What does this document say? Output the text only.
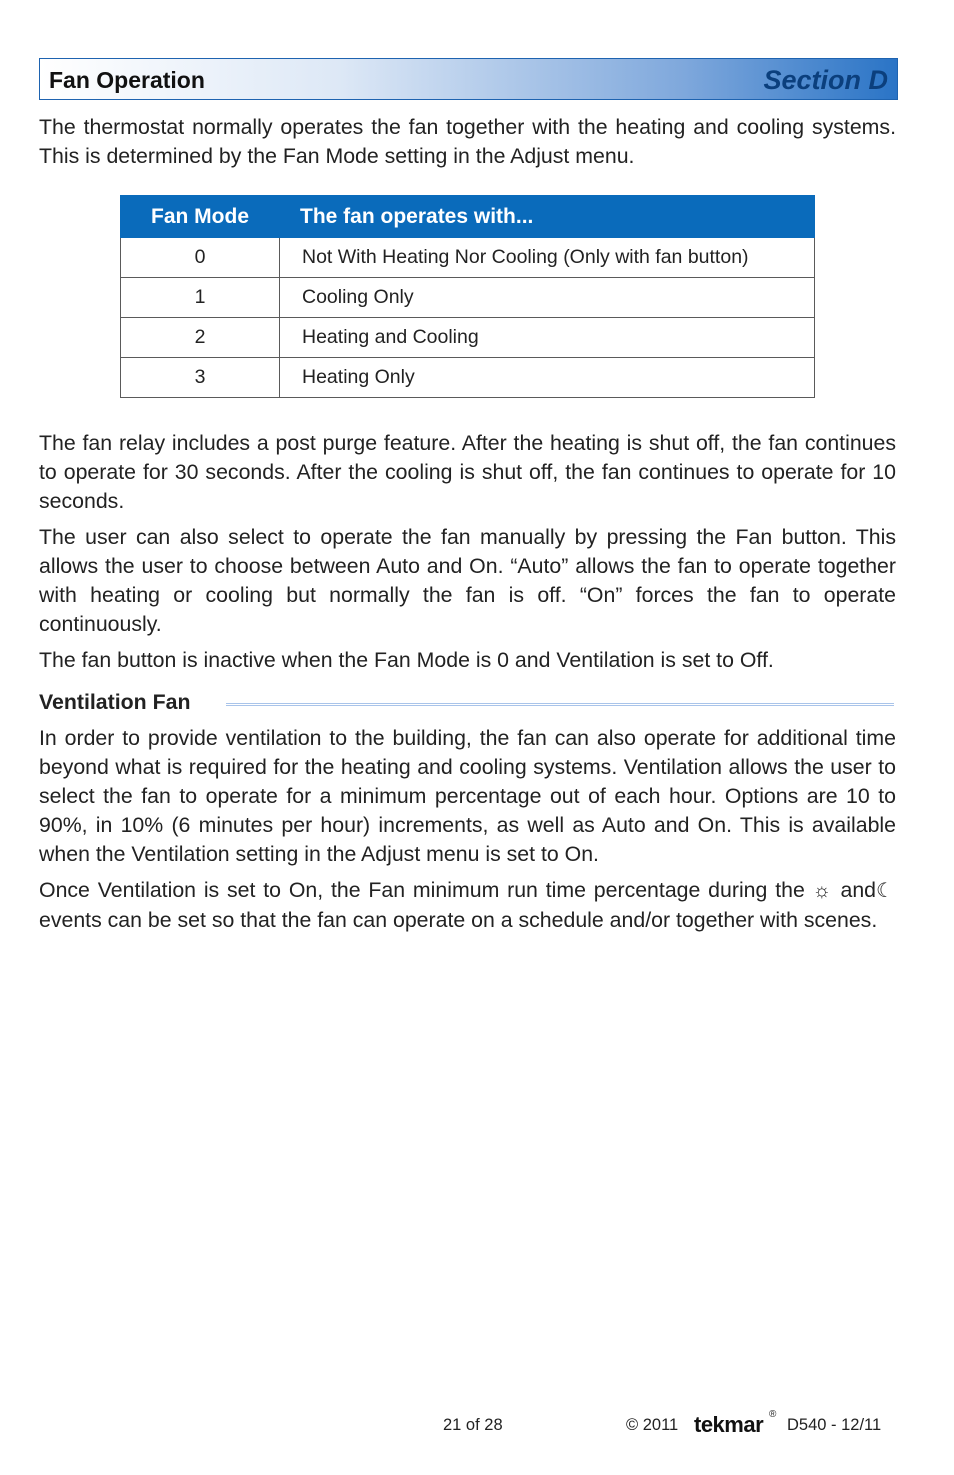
Fan Operation	Section D

The thermostat normally operates the fan together with the heating and cooling systems. This is determined by the Fan Mode setting in the Adjust menu.

Fan Mode	The fan operates with...
0	Not With Heating Nor Cooling (Only with fan button)
1	Cooling Only
2	Heating and Cooling
3	Heating Only

The fan relay includes a post purge feature. After the heating is shut off, the fan continues to operate for 30 seconds. After the cooling is shut off, the fan continues to operate for 10 seconds.

The user can also select to operate the fan manually by pressing the Fan button. This allows the user to choose between Auto and On. “Auto” allows the fan to operate together with heating or cooling but normally the fan is off. “On” forces the fan to operate continuously.

The fan button is inactive when the Fan Mode is 0 and Ventilation is set to Off.

Ventilation Fan

In order to provide ventilation to the building, the fan can also operate for additional time beyond what is required for the heating and cooling systems. Ventilation allows the user to select the fan to operate for a minimum percentage out of each hour. Options are 10 to 90%, in 10% (6 minutes per hour) increments, as well as Auto and On. This is available when the Ventilation setting in the Adjust menu is set to On.

Once Ventilation is set to On, the Fan minimum run time percentage during the ☼ and☾events can be set so that the fan can operate on a schedule and/or together with scenes.

21 of 28	© 2011 tekmar ®
D540 - 12/11
